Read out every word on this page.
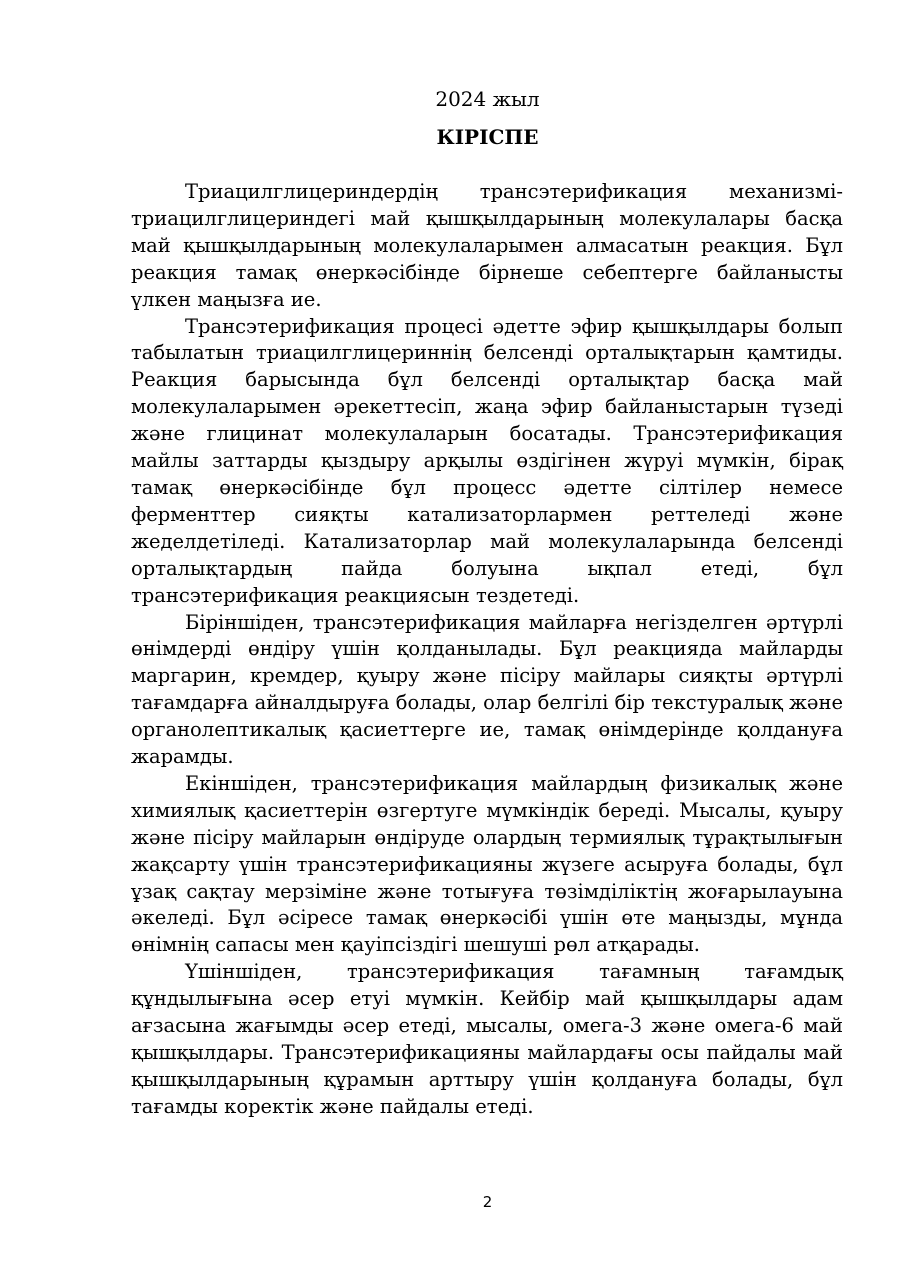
2024 жыл
КІРІСПЕ

Триацилглицериндердің трансэтерификация механизмі- триацилглицериндегі май қышқылдарының молекулалары басқа май қышқылдарының молекулаларымен алмасатын реакция. Бұл реакция тамақ өнеркәсібінде бірнеше себептерге байланысты үлкен маңызға ие.

Трансэтерификация процесі әдетте эфир қышқылдары болып табылатын триацилглицериннің белсенді орталықтарын қамтиды. Реакция барысында бұл белсенді орталықтар басқа май молекулаларымен әрекеттесіп, жаңа эфир байланыстарын түзеді және глицинат молекулаларын босатады. Трансэтерификация майлы заттарды қыздыру арқылы өздігінен жүруі мүмкін, бірақ тамақ өнеркәсібінде бұл процесс әдетте сілтілер немесе ферменттер сияқты катализаторлармен реттеледі және жеделдетіледі. Катализаторлар май молекулаларында белсенді орталықтардың пайда болуына ықпал етеді, бұл трансэтерификация реакциясын тездетеді.

Біріншіден, трансэтерификация майларға негізделген әртүрлі өнімдерді өндіру үшін қолданылады. Бұл реакцияда майларды маргарин, кремдер, қуыру және пісіру майлары сияқты әртүрлі тағамдарға айналдыруға болады, олар белгілі бір текстуралық және органолептикалық қасиеттерге ие, тамақ өнімдерінде қолдануға жарамды.

Екіншіден, трансэтерификация майлардың физикалық және химиялық қасиеттерін өзгертуге мүмкіндік береді. Мысалы, қуыру және пісіру майларын өндіруде олардың термиялық тұрақтылығын жақсарту үшін трансэтерификацияны жүзеге асыруға болады, бұл ұзақ сақтау мерзіміне және тотығуға төзімділіктің жоғарылауына әкеледі. Бұл әсіресе тамақ өнеркәсібі үшін өте маңызды, мұнда өнімнің сапасы мен қауіпсіздігі шешуші рөл атқарады.

Үшіншіден, трансэтерификация тағамның тағамдық құндылығына әсер етуі мүмкін. Кейбір май қышқылдары адам ағзасына жағымды әсер етеді, мысалы, омега-3 және омега-6 май қышқылдары. Трансэтерификацияны майлардағы осы пайдалы май қышқылдарының құрамын арттыру үшін қолдануға болады, бұл тағамды коректік және пайдалы етеді.

2
